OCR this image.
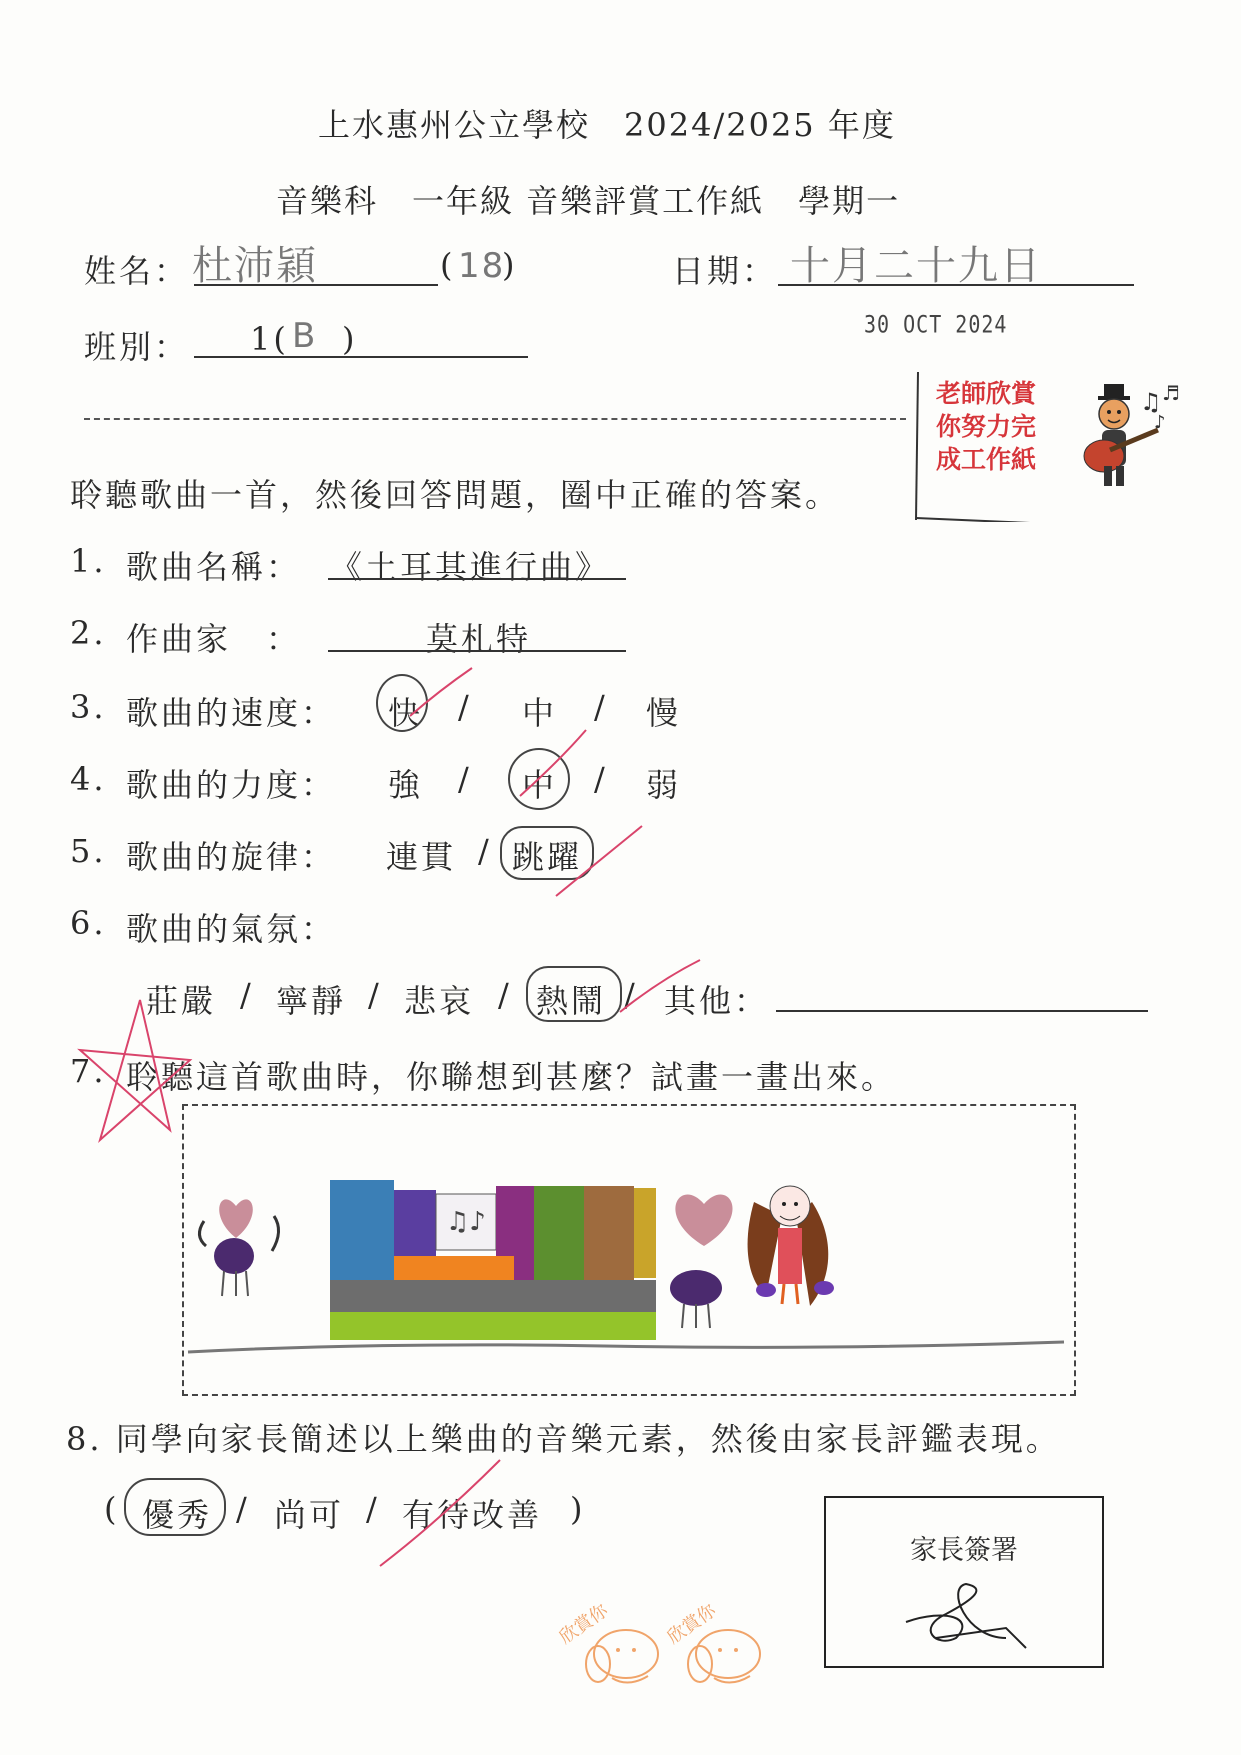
上水惠州公立學校　2024/2025 年度
音樂科　一年級 音樂評賞工作紙　學期一
姓名： 杜沛穎	( 18
)	日期： 十月二十九日
班別： 1( B )	30 OCT 2024
老師欣賞
你努力完
成工作紙
♫ ♬
♪
聆聽歌曲一首，然後回答問題，圈中正確的答案。
1. 歌曲名稱： 《土耳其進行曲》
2. 作曲家　：	莫札特
3. 歌曲的速度： 快 / 中 / 慢
4. 歌曲的力度： 強 / 中 / 弱
5. 歌曲的旋律： 連貫 / 跳躍
6. 歌曲的氣氛：
莊嚴 / 寧靜 / 悲哀 / 熱鬧 / 其他：
7. 聆聽這首歌曲時，你聯想到甚麼？試畫一畫出來。
♫♪
8. 同學向家長簡述以上樂曲的音樂元素，然後由家長評鑑表現。
( 優秀 / 尚可 / 有待改善 )
家長簽署
欣賞你	欣賞你
